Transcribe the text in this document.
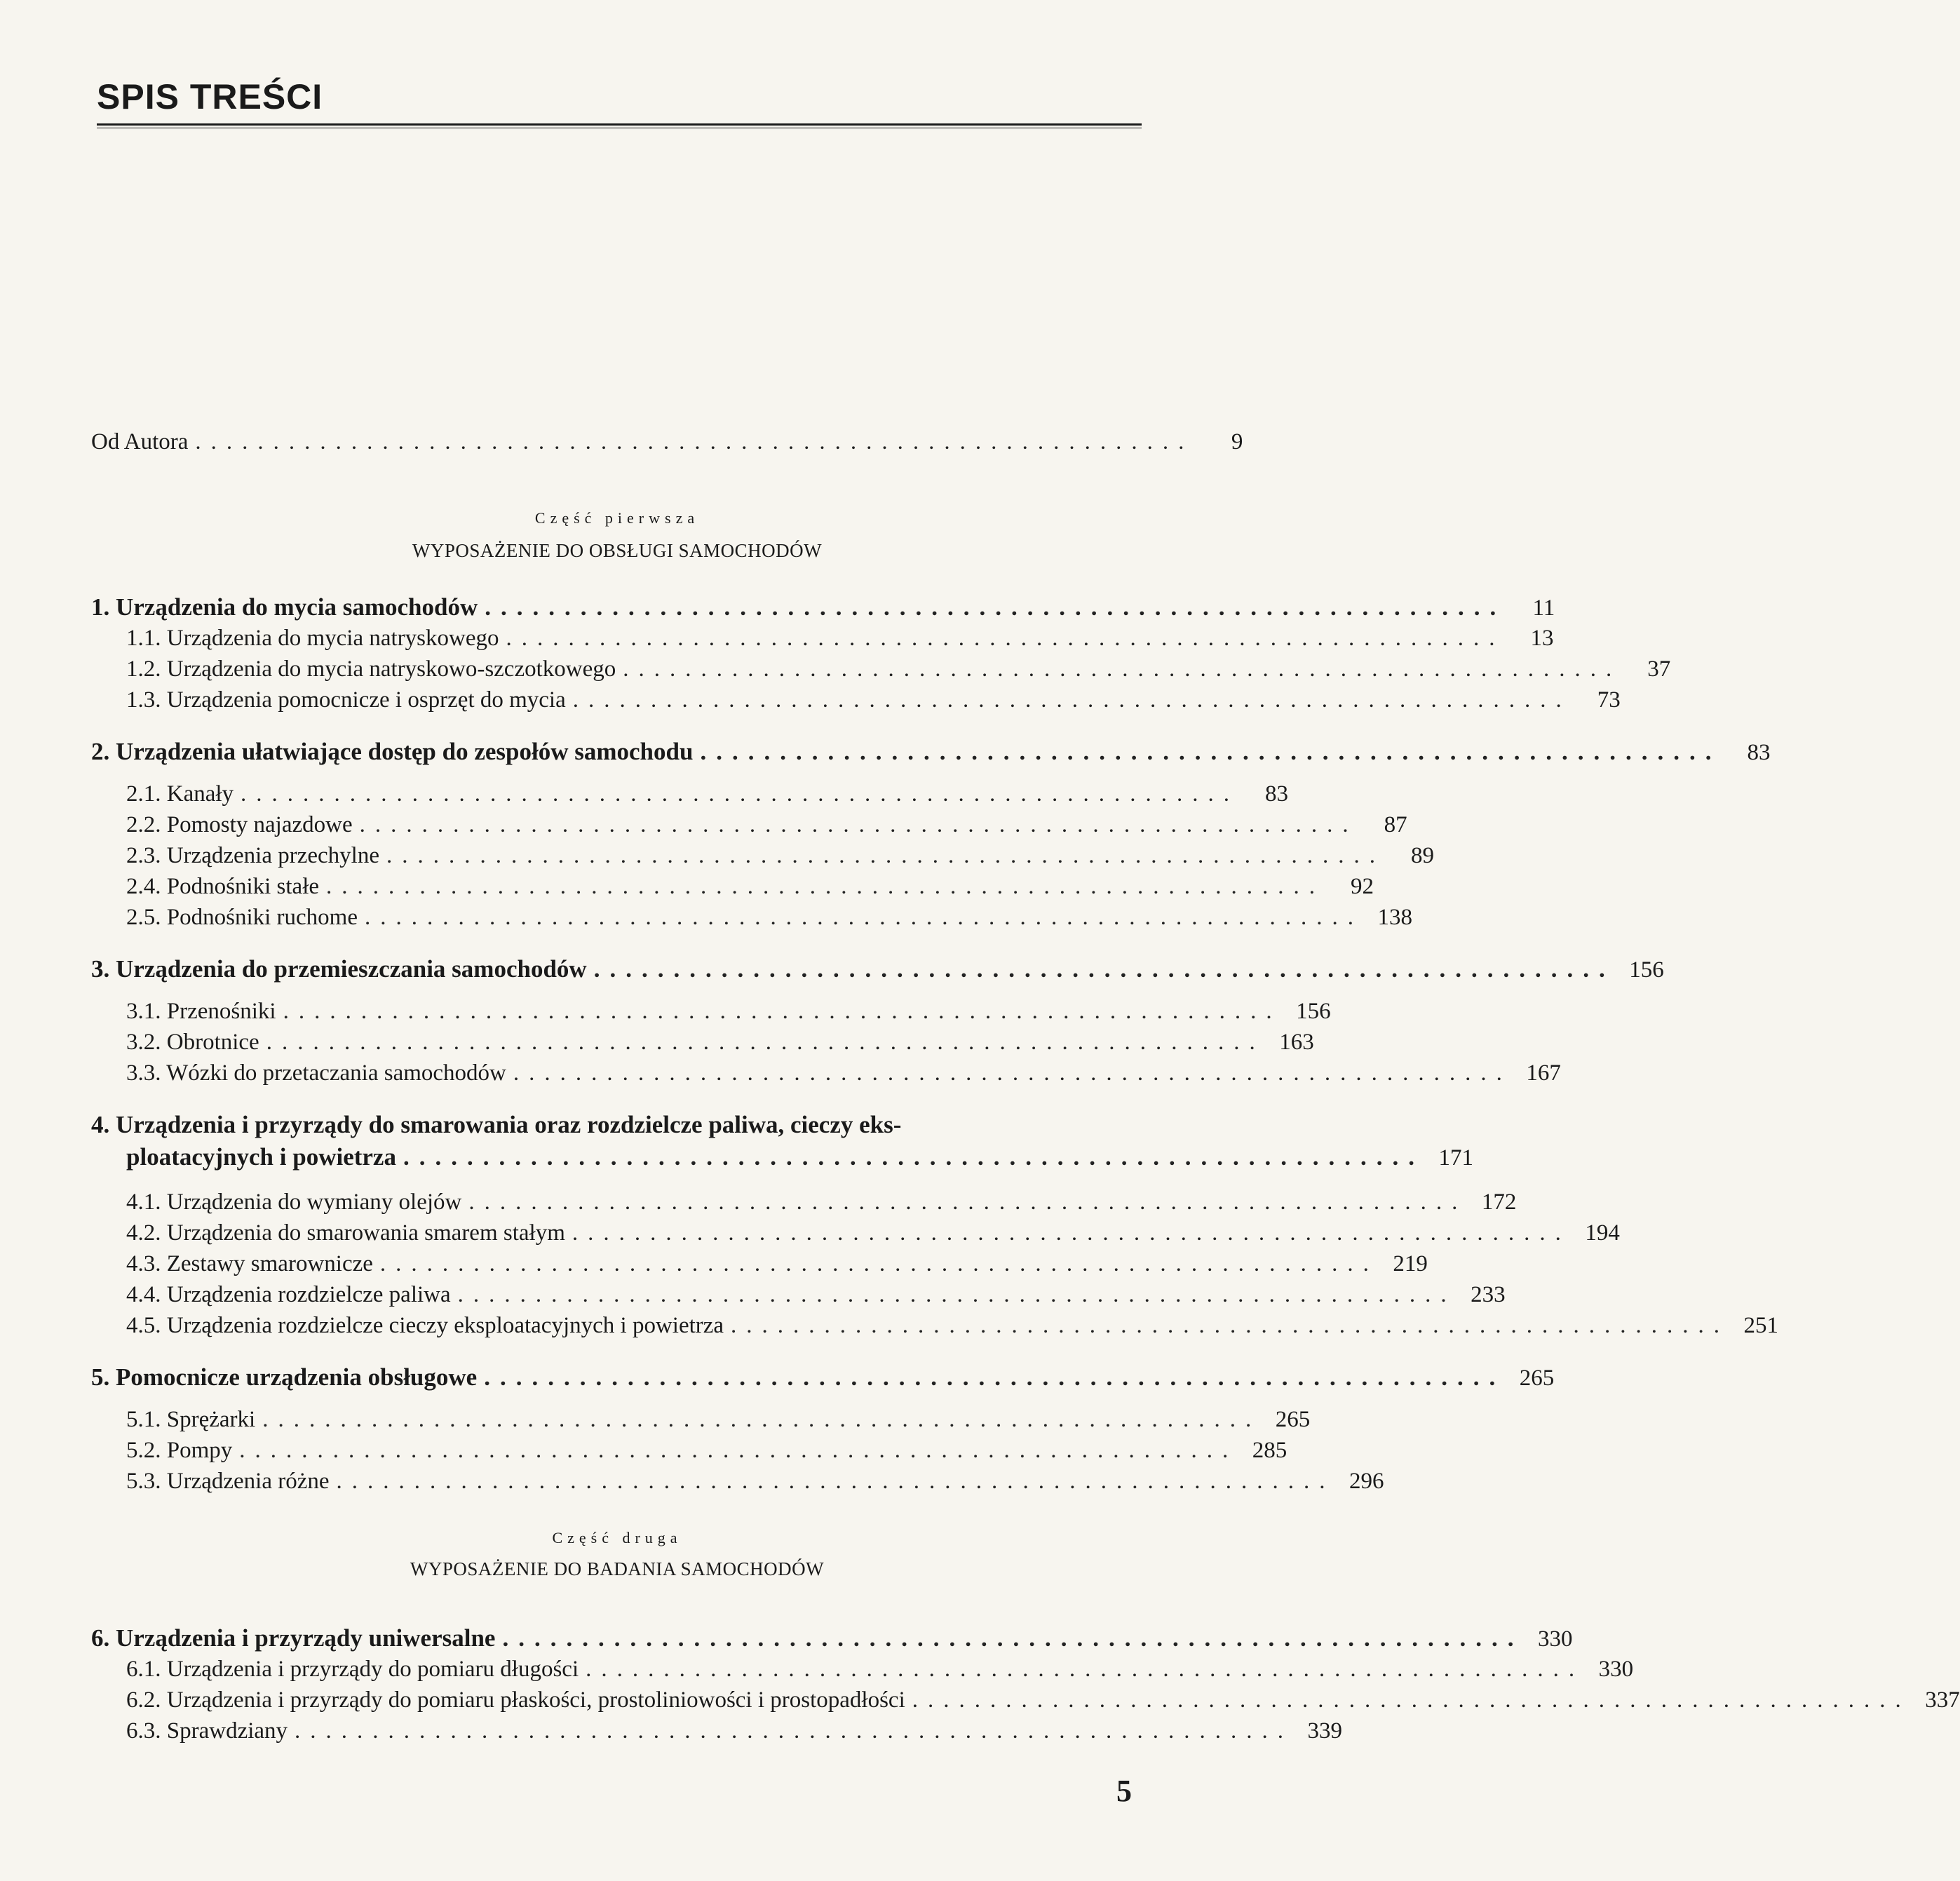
SPIS TREŚCI
Od Autora ................................................................	9
1. Urządzenia do mycia samochodów ................................................................	11
1.1. Urządzenia do mycia natryskowego ................................................................	13
1.2. Urządzenia do mycia natryskowo-szczotkowego ................................................................	37
1.3. Urządzenia pomocnicze i osprzęt do mycia ................................................................	73
2. Urządzenia ułatwiające dostęp do zespołów samochodu ................................................................	83
2.1. Kanały ................................................................	83
2.2. Pomosty najazdowe ................................................................	87
2.3. Urządzenia przechylne ................................................................	89
2.4. Podnośniki stałe ................................................................	92
2.5. Podnośniki ruchome ................................................................ 138
3. Urządzenia do przemieszczania samochodów ................................................................ 156
3.1. Przenośniki ................................................................ 156
3.2. Obrotnice ................................................................ 163
3.3. Wózki do przetaczania samochodów ................................................................ 167
4. Urządzenia i przyrządy do smarowania oraz rozdzielcze paliwa, cieczy eks-
ploatacyjnych i powietrza ................................................................ 171
4.1. Urządzenia do wymiany olejów ................................................................ 172
4.2. Urządzenia do smarowania smarem stałym ................................................................ 194
4.3. Zestawy smarownicze ................................................................ 219
4.4. Urządzenia rozdzielcze paliwa ................................................................ 233
4.5. Urządzenia rozdzielcze cieczy eksploatacyjnych i powietrza ................................................................ 251
5. Pomocnicze urządzenia obsługowe ................................................................ 265
5.1. Sprężarki ................................................................ 265
5.2. Pompy ................................................................ 285
5.3. Urządzenia różne ................................................................ 296
6. Urządzenia i przyrządy uniwersalne ................................................................ 330
6.1. Urządzenia i przyrządy do pomiaru długości ................................................................ 330
6.2. Urządzenia i przyrządy do pomiaru płaskości, prostoliniowości i prostopadłości ................................................................ 337
6.3. Sprawdziany ................................................................ 339
Część pierwsza
WYPOSAŻENIE DO OBSŁUGI SAMOCHODÓW
Część druga
WYPOSAŻENIE DO BADANIA SAMOCHODÓW
5
